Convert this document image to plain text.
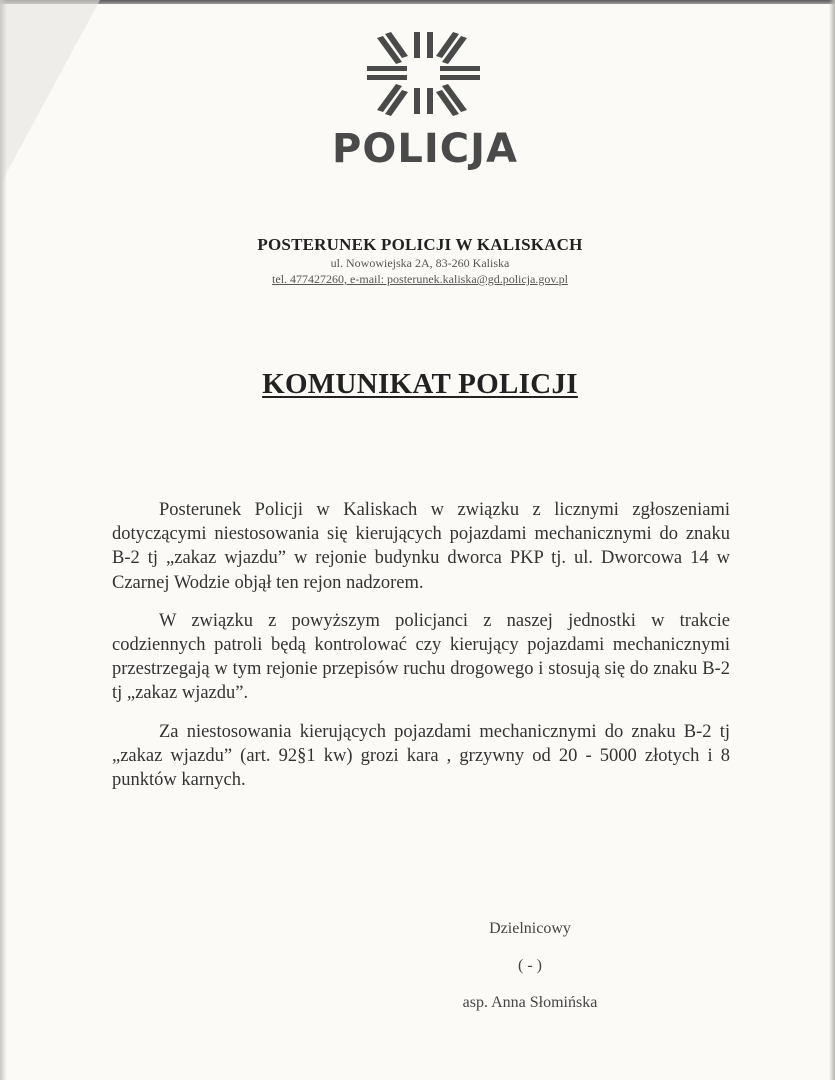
POLICJA
POSTERUNEK POLICJI W KALISKACH
ul. Nowowiejska 2A, 83-260 Kaliska
tel. 477427260, e-mail: posterunek.kaliska@gd.policja.gov.pl
KOMUNIKAT POLICJI

Posterunek Policji w Kaliskach w związku z licznymi zgłoszeniami dotyczącymi niestosowania się kierujących pojazdami mechanicznymi do znaku B-2 tj „zakaz wjazdu” w rejonie budynku dworca PKP tj. ul. Dworcowa 14 w Czarnej Wodzie objął ten rejon nadzorem.

W związku z powyższym policjanci z naszej jednostki w trakcie codziennych patroli będą kontrolować czy kierujący pojazdami mechanicznymi przestrzegają w tym rejonie przepisów ruchu drogowego i stosują się do znaku B-2 tj „zakaz wjazdu”.

Za niestosowania kierujących pojazdami mechanicznymi do znaku B-2 tj „zakaz wjazdu” (art. 92§1 kw) grozi kara , grzywny od 20 - 5000 złotych i 8 punktów karnych.

Dzielnicowy
( - )
asp. Anna Słomińska
